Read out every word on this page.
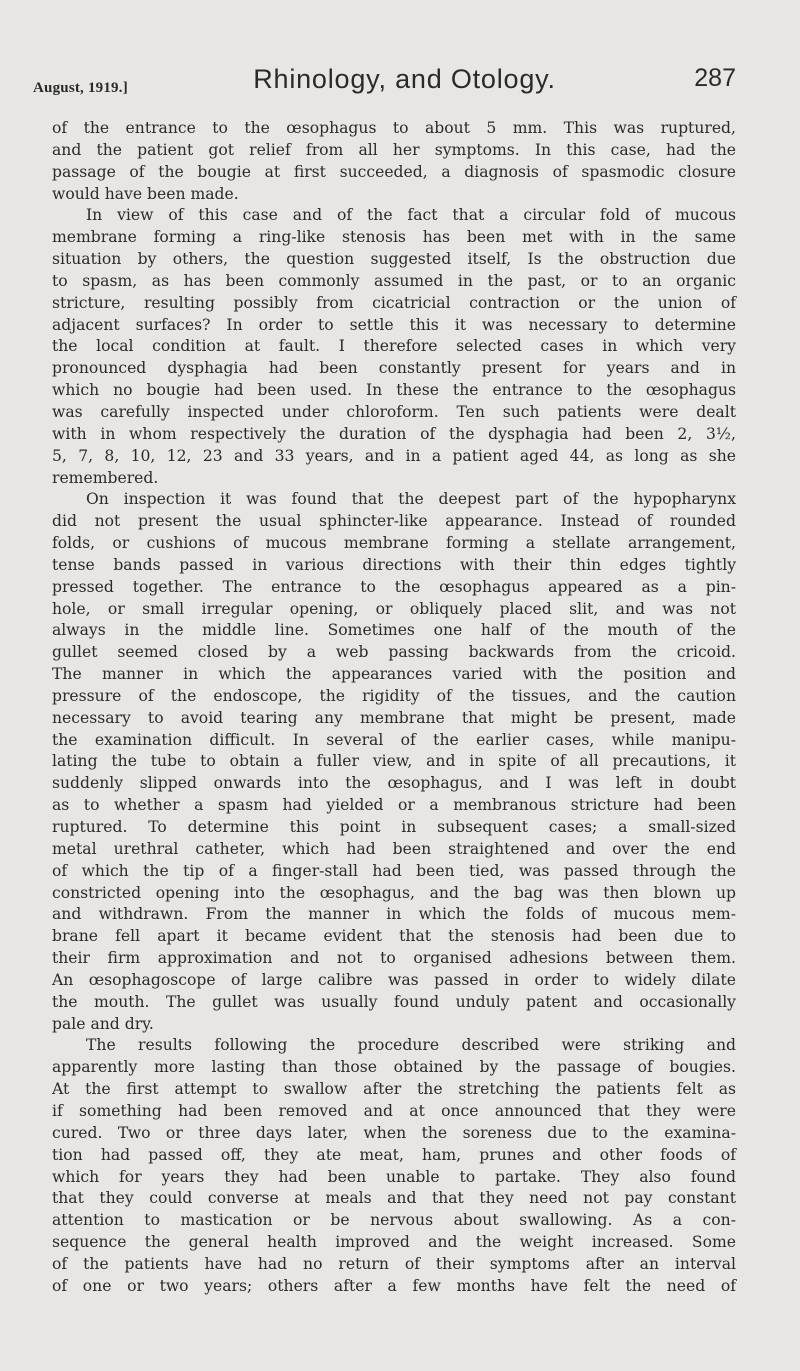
August, 1919.]	Rhinology, and Otology.	287
of the entrance to the œsophagus to about 5 mm. This was ruptured,
and the patient got relief from all her symptoms. In this case, had the
passage of the bougie at first succeeded, a diagnosis of spasmodic closure
would have been made.
In view of this case and of the fact that a circular fold of mucous
membrane forming a ring-like stenosis has been met with in the same
situation by others, the question suggested itself, Is the obstruction due
to spasm, as has been commonly assumed in the past, or to an organic
stricture, resulting possibly from cicatricial contraction or the union of
adjacent surfaces? In order to settle this it was necessary to determine
the local condition at fault. I therefore selected cases in which very
pronounced dysphagia had been constantly present for years and in
which no bougie had been used. In these the entrance to the œsophagus
was carefully inspected under chloroform. Ten such patients were dealt
with in whom respectively the duration of the dysphagia had been 2, 3½,
5, 7, 8, 10, 12, 23 and 33 years, and in a patient aged 44, as long as she
remembered.
On inspection it was found that the deepest part of the hypopharynx
did not present the usual sphincter-like appearance. Instead of rounded
folds, or cushions of mucous membrane forming a stellate arrangement,
tense bands passed in various directions with their thin edges tightly
pressed together. The entrance to the œsophagus appeared as a pin-
hole, or small irregular opening, or obliquely placed slit, and was not
always in the middle line. Sometimes one half of the mouth of the
gullet seemed closed by a web passing backwards from the cricoid.
The manner in which the appearances varied with the position and
pressure of the endoscope, the rigidity of the tissues, and the caution
necessary to avoid tearing any membrane that might be present, made
the examination difficult. In several of the earlier cases, while manipu-
lating the tube to obtain a fuller view, and in spite of all precautions, it
suddenly slipped onwards into the œsophagus, and I was left in doubt
as to whether a spasm had yielded or a membranous stricture had been
ruptured. To determine this point in subsequent cases; a small-sized
metal urethral catheter, which had been straightened and over the end
of which the tip of a finger-stall had been tied, was passed through the
constricted opening into the œsophagus, and the bag was then blown up
and withdrawn. From the manner in which the folds of mucous mem-
brane fell apart it became evident that the stenosis had been due to
their firm approximation and not to organised adhesions between them.
An œsophagoscope of large calibre was passed in order to widely dilate
the mouth. The gullet was usually found unduly patent and occasionally
pale and dry.
The results following the procedure described were striking and
apparently more lasting than those obtained by the passage of bougies.
At the first attempt to swallow after the stretching the patients felt as
if something had been removed and at once announced that they were
cured. Two or three days later, when the soreness due to the examina-
tion had passed off, they ate meat, ham, prunes and other foods of
which for years they had been unable to partake. They also found
that they could converse at meals and that they need not pay constant
attention to mastication or be nervous about swallowing. As a con-
sequence the general health improved and the weight increased. Some
of the patients have had no return of their symptoms after an interval
of one or two years; others after a few months have felt the need of
